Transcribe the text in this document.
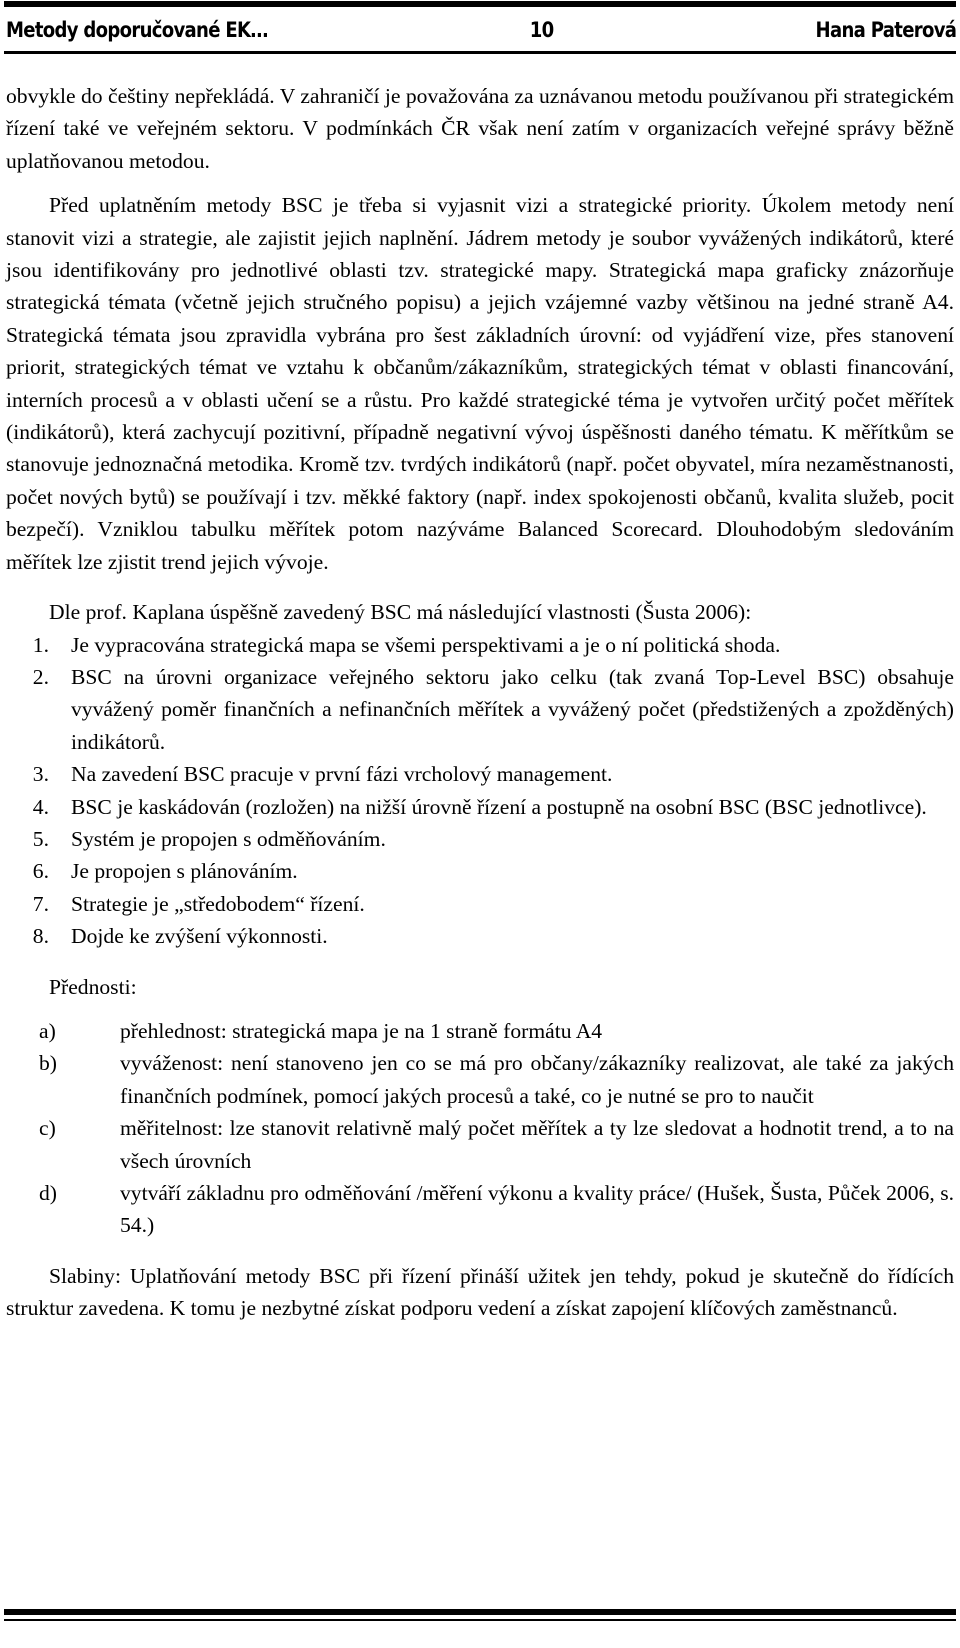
Metody doporučované EK…	10	Hana Paterová

obvykle do češtiny nepřekládá. V zahraničí je považována za uznávanou metodu používanou při strategickém řízení také ve veřejném sektoru. V podmínkách ČR však není zatím v organizacích veřejné správy běžně uplatňovanou metodou.

Před uplatněním metody BSC je třeba si vyjasnit vizi a strategické priority. Úkolem metody není stanovit vizi a strategie, ale zajistit jejich naplnění. Jádrem metody je soubor vyvážených indikátorů, které jsou identifikovány pro jednotlivé oblasti tzv. strategické mapy. Strategická mapa graficky znázorňuje strategická témata (včetně jejich stručného popisu) a jejich vzájemné vazby většinou na jedné straně A4. Strategická témata jsou zpravidla vybrána pro šest základních úrovní: od vyjádření vize, přes stanovení priorit, strategických témat ve vztahu k občanům/zákazníkům, strategických témat v oblasti financování, interních procesů a v oblasti učení se a růstu. Pro každé strategické téma je vytvořen určitý počet měřítek (indikátorů), která zachycují pozitivní, případně negativní vývoj úspěšnosti daného tématu. K měřítkům se stanovuje jednoznačná metodika. Kromě tzv. tvrdých indikátorů (např. počet obyvatel, míra nezaměstnanosti, počet nových bytů) se používají i tzv. měkké faktory (např. index spokojenosti občanů, kvalita služeb, pocit bezpečí). Vzniklou tabulku měřítek potom nazýváme Balanced Scorecard. Dlouhodobým sledováním měřítek lze zjistit trend jejich vývoje.

Dle prof. Kaplana úspěšně zavedený BSC má následující vlastnosti (Šusta 2006):

1.	Je vypracována strategická mapa se všemi perspektivami a je o ní politická shoda.
2.	BSC na úrovni organizace veřejného sektoru jako celku (tak zvaná Top-Level BSC) obsahuje vyvážený poměr finančních a nefinančních měřítek a vyvážený počet (předstižených a zpožděných) indikátorů.
3.	Na zavedení BSC pracuje v první fázi vrcholový management.
4.	BSC je kaskádován (rozložen) na nižší úrovně řízení a postupně na osobní BSC (BSC jednotlivce).
5.	Systém je propojen s odměňováním.
6.	Je propojen s plánováním.
7.	Strategie je „středobodem“ řízení.
8.	Dojde ke zvýšení výkonnosti.

Přednosti:

a)	přehlednost: strategická mapa je na 1 straně formátu A4
b)	vyváženost: není stanoveno jen co se má pro občany/zákazníky realizovat, ale také za jakých finančních podmínek, pomocí jakých procesů a také, co je nutné se pro to naučit
c)	měřitelnost: lze stanovit relativně malý počet měřítek a ty lze sledovat a hodnotit trend, a to na všech úrovních
d)	vytváří základnu pro odměňování /měření výkonu a kvality práce/ (Hušek, Šusta, Půček 2006, s. 54.)

Slabiny: Uplatňování metody BSC při řízení přináší užitek jen tehdy, pokud je skutečně do řídících struktur zavedena. K tomu je nezbytné získat podporu vedení a získat zapojení klíčových zaměstnanců.
